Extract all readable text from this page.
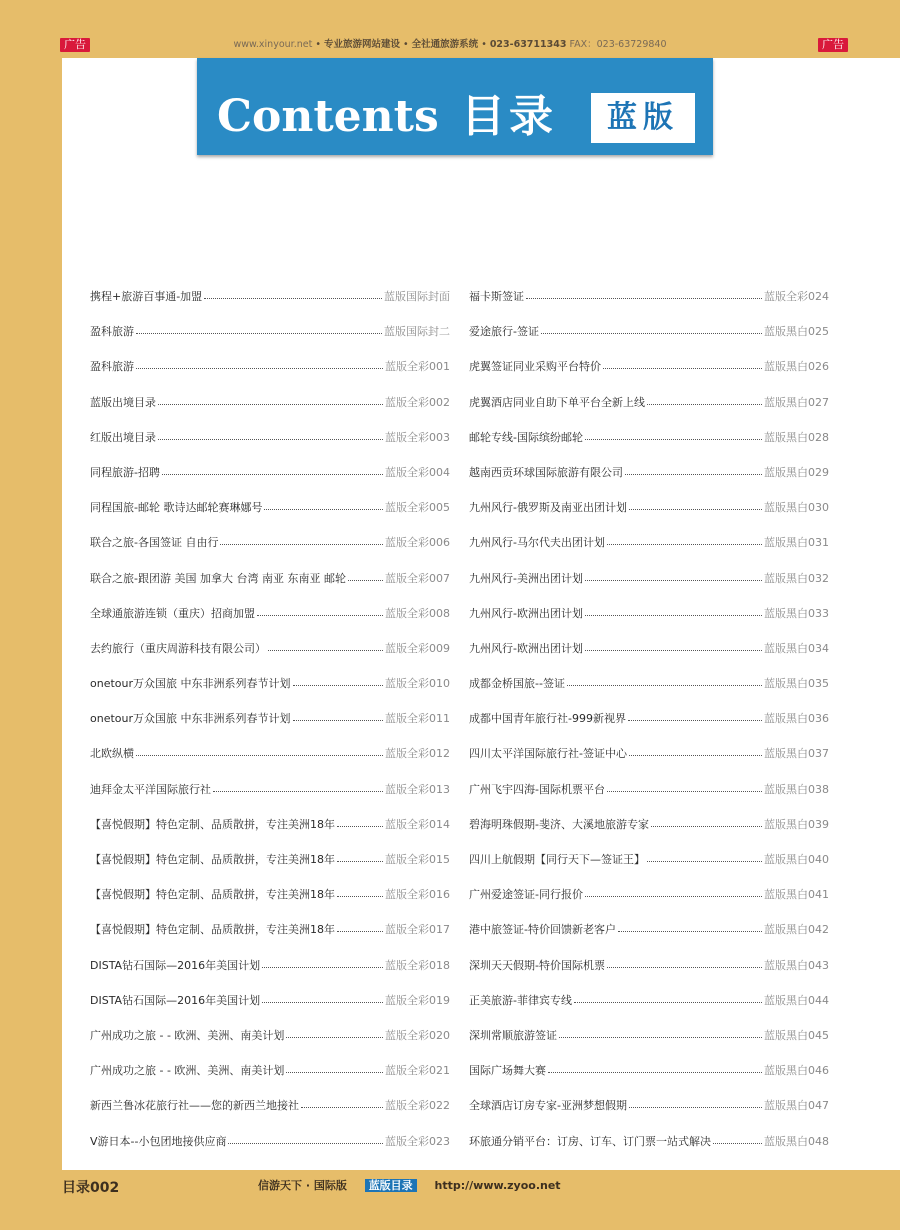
广告	广告
www.xinyour.net • 专业旅游网站建设 • 全社通旅游系统 • 023-63711343 FAX：023-63729840
Contents 目录	蓝版
携程+旅游百事通-加盟	蓝版国际封面
盈科旅游	蓝版国际封二
盈科旅游	蓝版全彩001
蓝版出境目录	蓝版全彩002
红版出境目录	蓝版全彩003
同程旅游-招聘	蓝版全彩004
同程国旅-邮轮 歌诗达邮轮赛琳娜号	蓝版全彩005
联合之旅-各国签证 自由行	蓝版全彩006
联合之旅-跟团游 美国 加拿大 台湾 南亚 东南亚 邮轮	蓝版全彩007
全球通旅游连锁（重庆）招商加盟	蓝版全彩008
去约旅行（重庆周游科技有限公司）	蓝版全彩009
onetour万众国旅 中东非洲系列春节计划	蓝版全彩010
onetour万众国旅 中东非洲系列春节计划	蓝版全彩011
北欧纵横	蓝版全彩012
迪拜金太平洋国际旅行社	蓝版全彩013
【喜悦假期】特色定制、品质散拼，专注美洲18年	蓝版全彩014
【喜悦假期】特色定制、品质散拼，专注美洲18年	蓝版全彩015
【喜悦假期】特色定制、品质散拼，专注美洲18年	蓝版全彩016
【喜悦假期】特色定制、品质散拼，专注美洲18年	蓝版全彩017
DISTA钻石国际—2016年美国计划	蓝版全彩018
DISTA钻石国际—2016年美国计划	蓝版全彩019
广州成功之旅 - - 欧洲、美洲、南美计划	蓝版全彩020
广州成功之旅 - - 欧洲、美洲、南美计划	蓝版全彩021
新西兰鲁冰花旅行社——您的新西兰地接社	蓝版全彩022
V游日本--小包团地接供应商	蓝版全彩023
福卡斯签证	蓝版全彩024
爱途旅行-签证	蓝版黑白025
虎翼签证同业采购平台特价	蓝版黑白026
虎翼酒店同业自助下单平台全新上线	蓝版黑白027
邮轮专线-国际缤纷邮轮	蓝版黑白028
越南西贡环球国际旅游有限公司	蓝版黑白029
九州风行-俄罗斯及南亚出团计划	蓝版黑白030
九州风行-马尔代夫出团计划	蓝版黑白031
九州风行-美洲出团计划	蓝版黑白032
九州风行-欧洲出团计划	蓝版黑白033
九州风行-欧洲出团计划	蓝版黑白034
成都金桥国旅--签证	蓝版黑白035
成都中国青年旅行社-999新视界	蓝版黑白036
四川太平洋国际旅行社-签证中心	蓝版黑白037
广州飞宇四海-国际机票平台	蓝版黑白038
碧海明珠假期-斐济、大溪地旅游专家	蓝版黑白039
四川上航假期【同行天下—签证王】	蓝版黑白040
广州爱途签证-同行报价	蓝版黑白041
港中旅签证-特价回馈新老客户	蓝版黑白042
深圳天天假期-特价国际机票	蓝版黑白043
正美旅游-菲律宾专线	蓝版黑白044
深圳常顺旅游签证	蓝版黑白045
国际广场舞大赛	蓝版黑白046
全球酒店订房专家-亚洲梦想假期	蓝版黑白047
环旅通分销平台：订房、订车、订门票一站式解决	蓝版黑白048
目录002	信游天下 · 国际版 蓝版目录 http://www.zyoo.net
